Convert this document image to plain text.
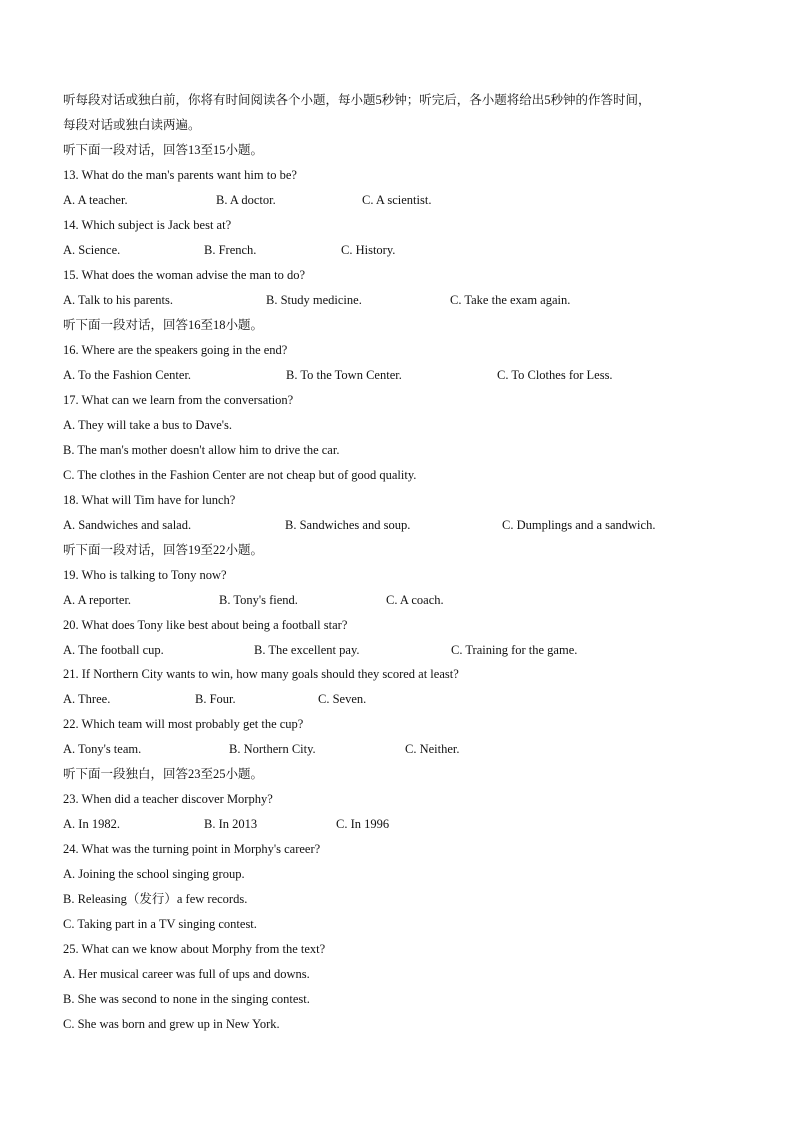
听每段对话或独白前，你将有时间阅读各个小题，每小题5秒钟；听完后，各小题将给出5秒钟的作答时间，
每段对话或独白读两遍。
听下面一段对话，回答13至15小题。
13. What do the man's parents want him to be?
A. A teacher.	B. A doctor.	C. A scientist.
14. Which subject is Jack best at?
A. Science.	B. French.	C. History.
15. What does the woman advise the man to do?
A. Talk to his parents.	B. Study medicine.	C. Take the exam again.
听下面一段对话，回答16至18小题。
16. Where are the speakers going in the end?
A. To the Fashion Center.	B. To the Town Center.	C. To Clothes for Less.
17. What can we learn from the conversation?
A. They will take a bus to Dave's.
B. The man's mother doesn't allow him to drive the car.
C. The clothes in the Fashion Center are not cheap but of good quality.
18. What will Tim have for lunch?
A. Sandwiches and salad.	B. Sandwiches and soup.	C. Dumplings and a sandwich.
听下面一段对话，回答19至22小题。
19. Who is talking to Tony now?
A. A reporter.	B. Tony's fiend.	C. A coach.
20. What does Tony like best about being a football star?
A. The football cup.	B. The excellent pay.	C. Training for the game.
21. If Northern City wants to win, how many goals should they scored at least?
A. Three.	B. Four.	C. Seven.
22. Which team will most probably get the cup?
A. Tony's team.	B. Northern City.	C. Neither.
听下面一段独白，回答23至25小题。
23. When did a teacher discover Morphy?
A. In 1982.	B. In 2013	C. In 1996
24. What was the turning point in Morphy's career?
A. Joining the school singing group.
B. Releasing（发行）a few records.
C. Taking part in a TV singing contest.
25. What can we know about Morphy from the text?
A. Her musical career was full of ups and downs.
B. She was second to none in the singing contest.
C. She was born and grew up in New York.
